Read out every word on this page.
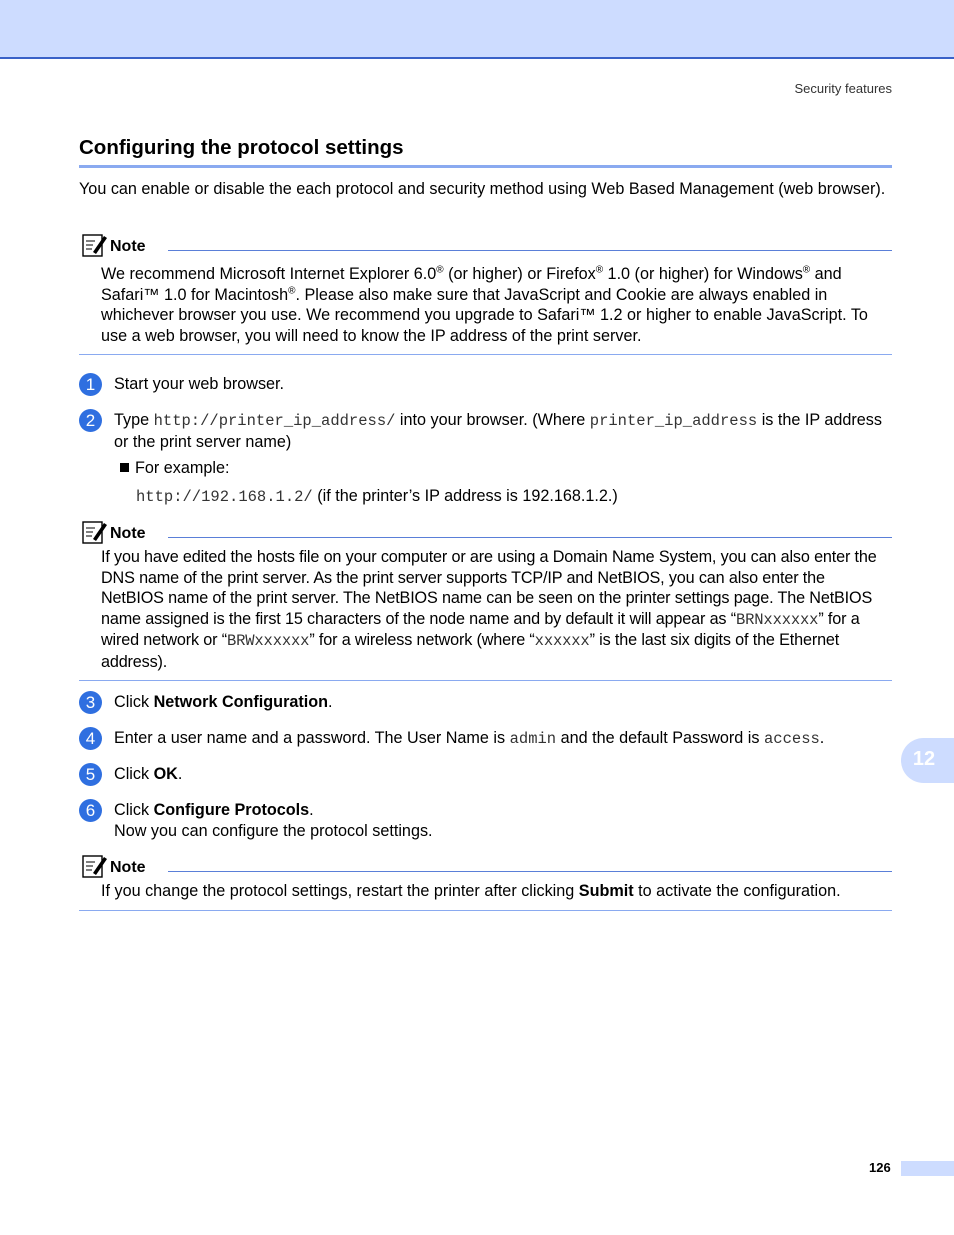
Security features
Configuring the protocol settings

You can enable or disable the each protocol and security method using Web Based Management (web browser).

Note

We recommend Microsoft Internet Explorer 6.0® (or higher) or Firefox® 1.0 (or higher) for Windows® and Safari™ 1.0 for Macintosh®. Please also make sure that JavaScript and Cookie are always enabled in whichever browser you use. We recommend you upgrade to Safari™ 1.2 or higher to enable JavaScript. To use a web browser, you will need to know the IP address of the print server.

1	Start your web browser.

2	Type http://printer_ip_address/ into your browser. (Where printer_ip_address is the IP address or the print server name)

For example:
http://192.168.1.2/ (if the printer’s IP address is 192.168.1.2.)
Note

If you have edited the hosts file on your computer or are using a Domain Name System, you can also enter the DNS name of the print server. As the print server supports TCP/IP and NetBIOS, you can also enter the NetBIOS name of the print server. The NetBIOS name can be seen on the printer settings page. The NetBIOS name assigned is the first 15 characters of the node name and by default it will appear as “BRNxxxxxx” for a wired network or “BRWxxxxxx” for a wireless network (where “xxxxxx” is the last six digits of the Ethernet address).

3	Click Network Configuration.

4	Enter a user name and a password. The User Name is admin and the default Password is access.

5	Click OK.

6	Click Configure Protocols.
Now you can configure the protocol settings.

Note

If you change the protocol settings, restart the printer after clicking Submit to activate the configuration.

12
126
